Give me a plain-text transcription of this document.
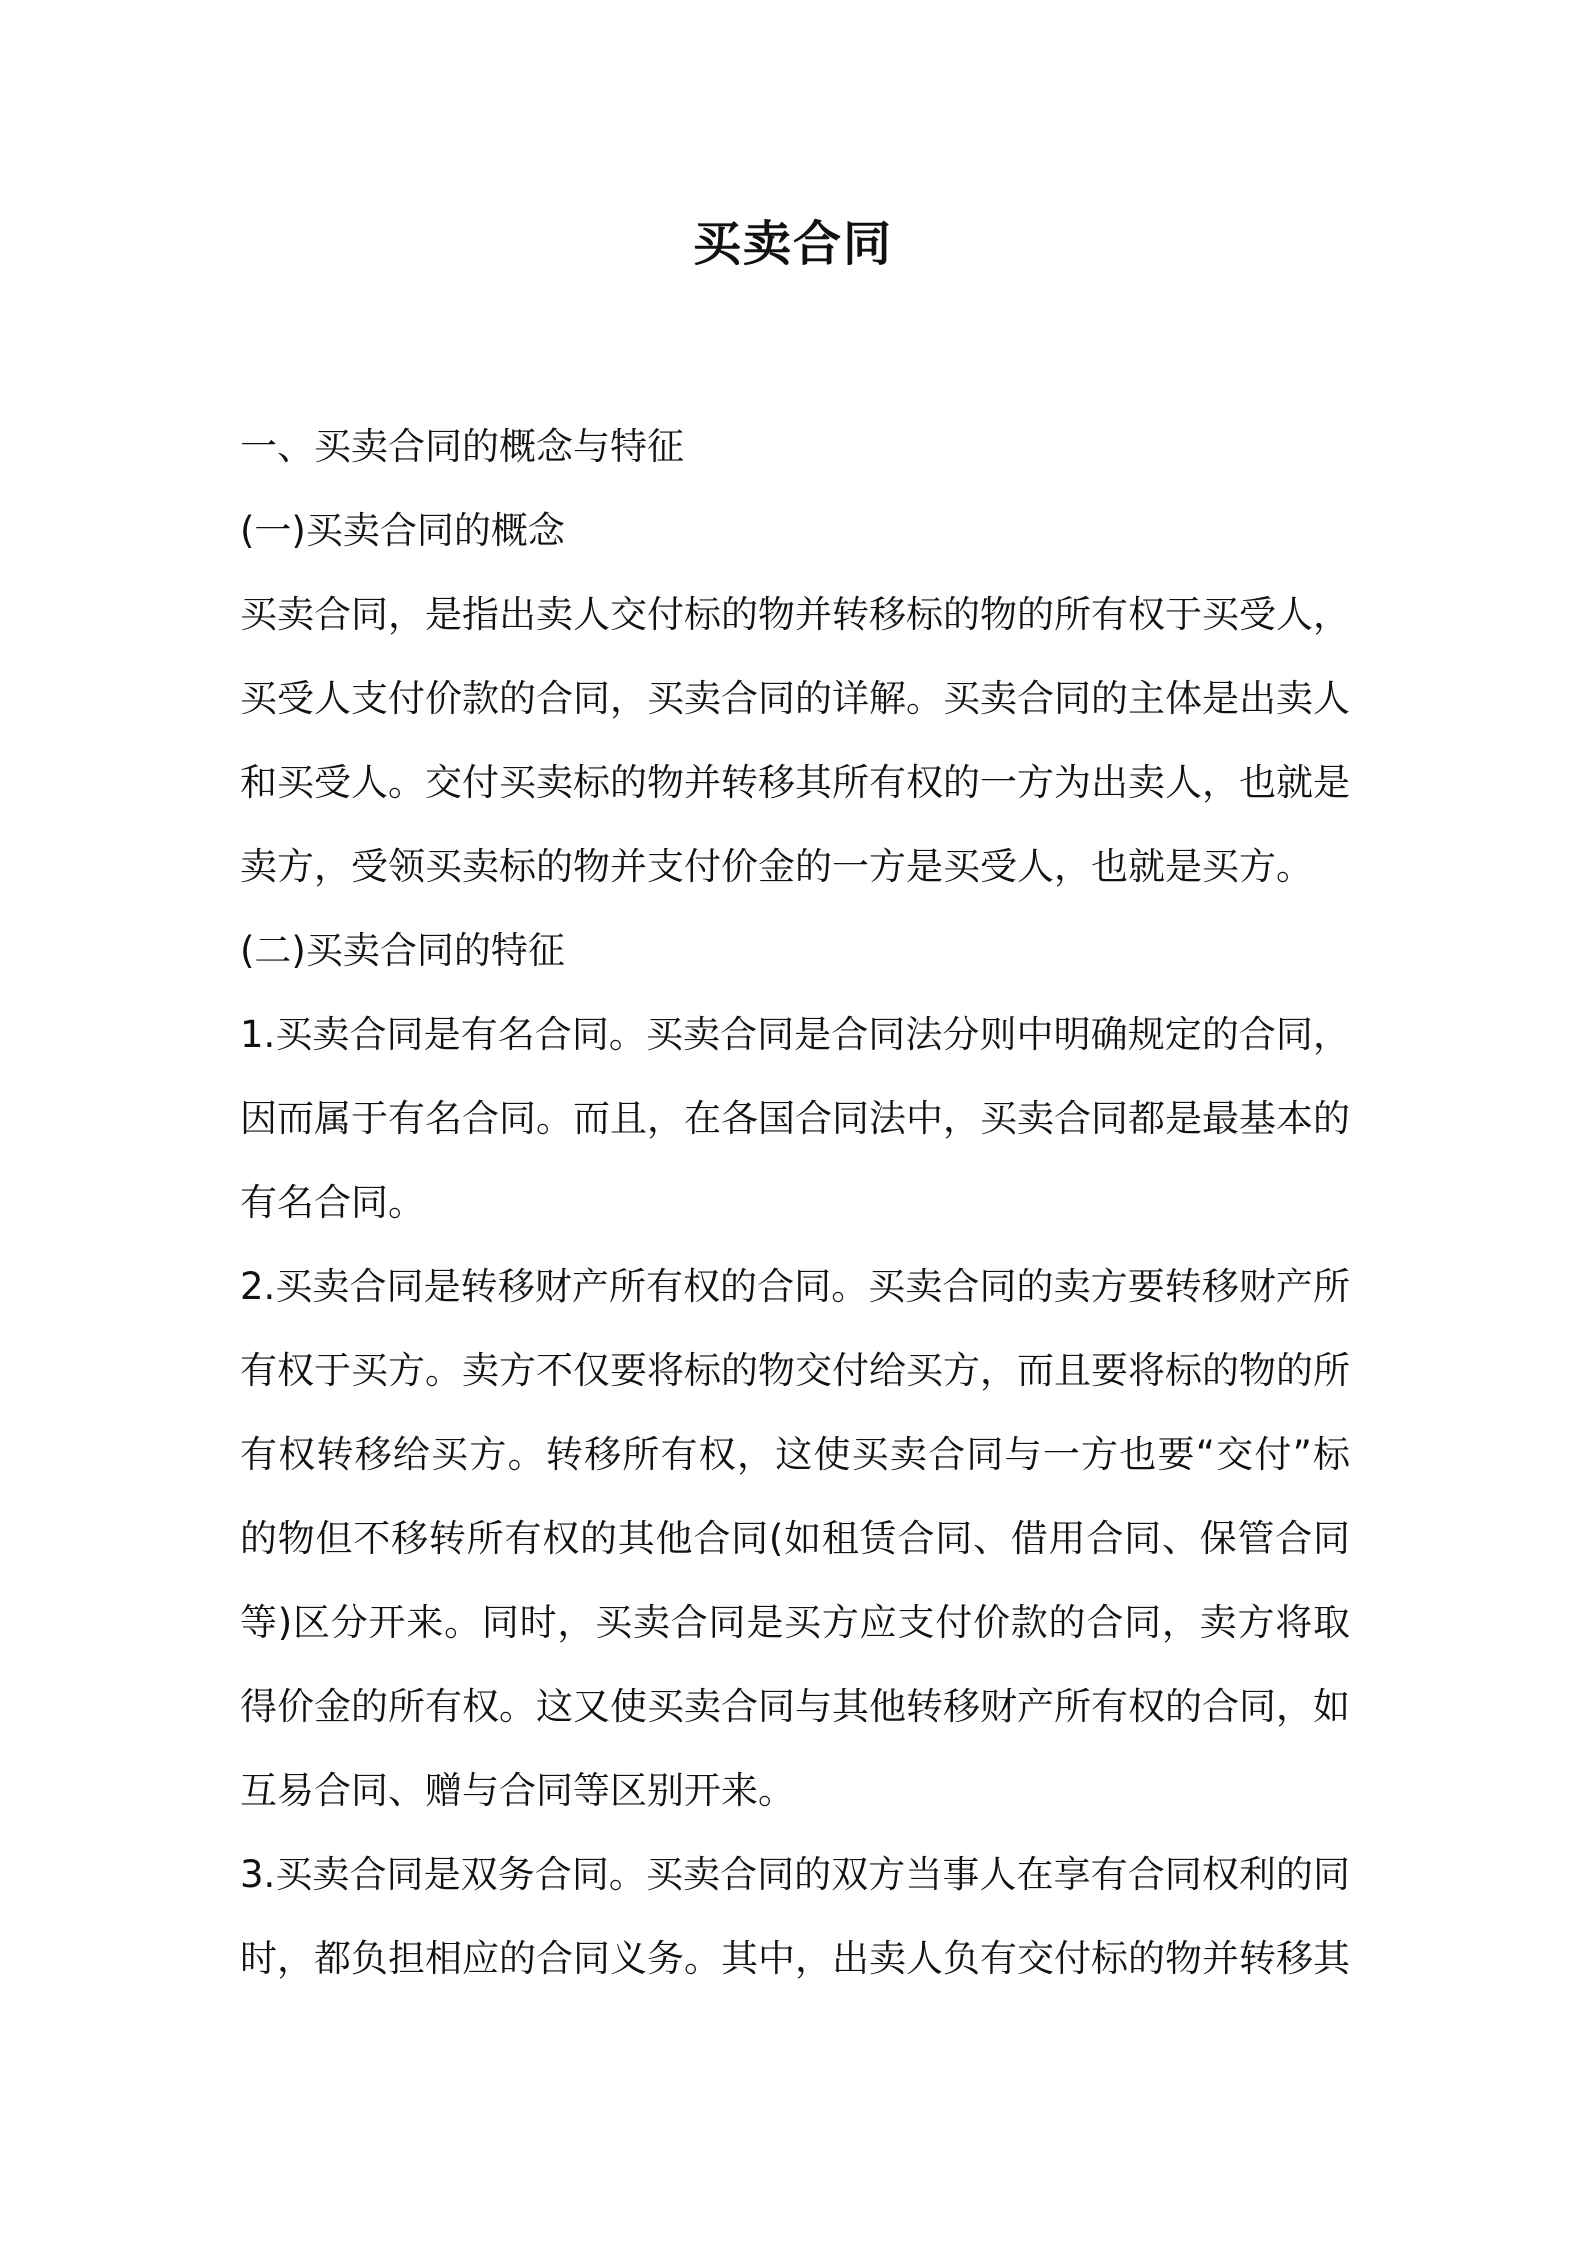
买卖合同

一、买卖合同的概念与特征

(一)买卖合同的概念

买卖合同，是指出卖人交付标的物并转移标的物的所有权于买受人，

买受人支付价款的合同，买卖合同的详解。买卖合同的主体是出卖人

和买受人。交付买卖标的物并转移其所有权的一方为出卖人，也就是

卖方，受领买卖标的物并支付价金的一方是买受人，也就是买方。

(二)买卖合同的特征

1.买卖合同是有名合同。买卖合同是合同法分则中明确规定的合同，

因而属于有名合同。而且，在各国合同法中，买卖合同都是最基本的

有名合同。

2.买卖合同是转移财产所有权的合同。买卖合同的卖方要转移财产所

有权于买方。卖方不仅要将标的物交付给买方，而且要将标的物的所

有权转移给买方。转移所有权，这使买卖合同与一方也要“交付”标

的物但不移转所有权的其他合同(如租赁合同、借用合同、保管合同

等)区分开来。同时，买卖合同是买方应支付价款的合同，卖方将取

得价金的所有权。这又使买卖合同与其他转移财产所有权的合同，如

互易合同、赠与合同等区别开来。

3.买卖合同是双务合同。买卖合同的双方当事人在享有合同权利的同

时，都负担相应的合同义务。其中，出卖人负有交付标的物并转移其
